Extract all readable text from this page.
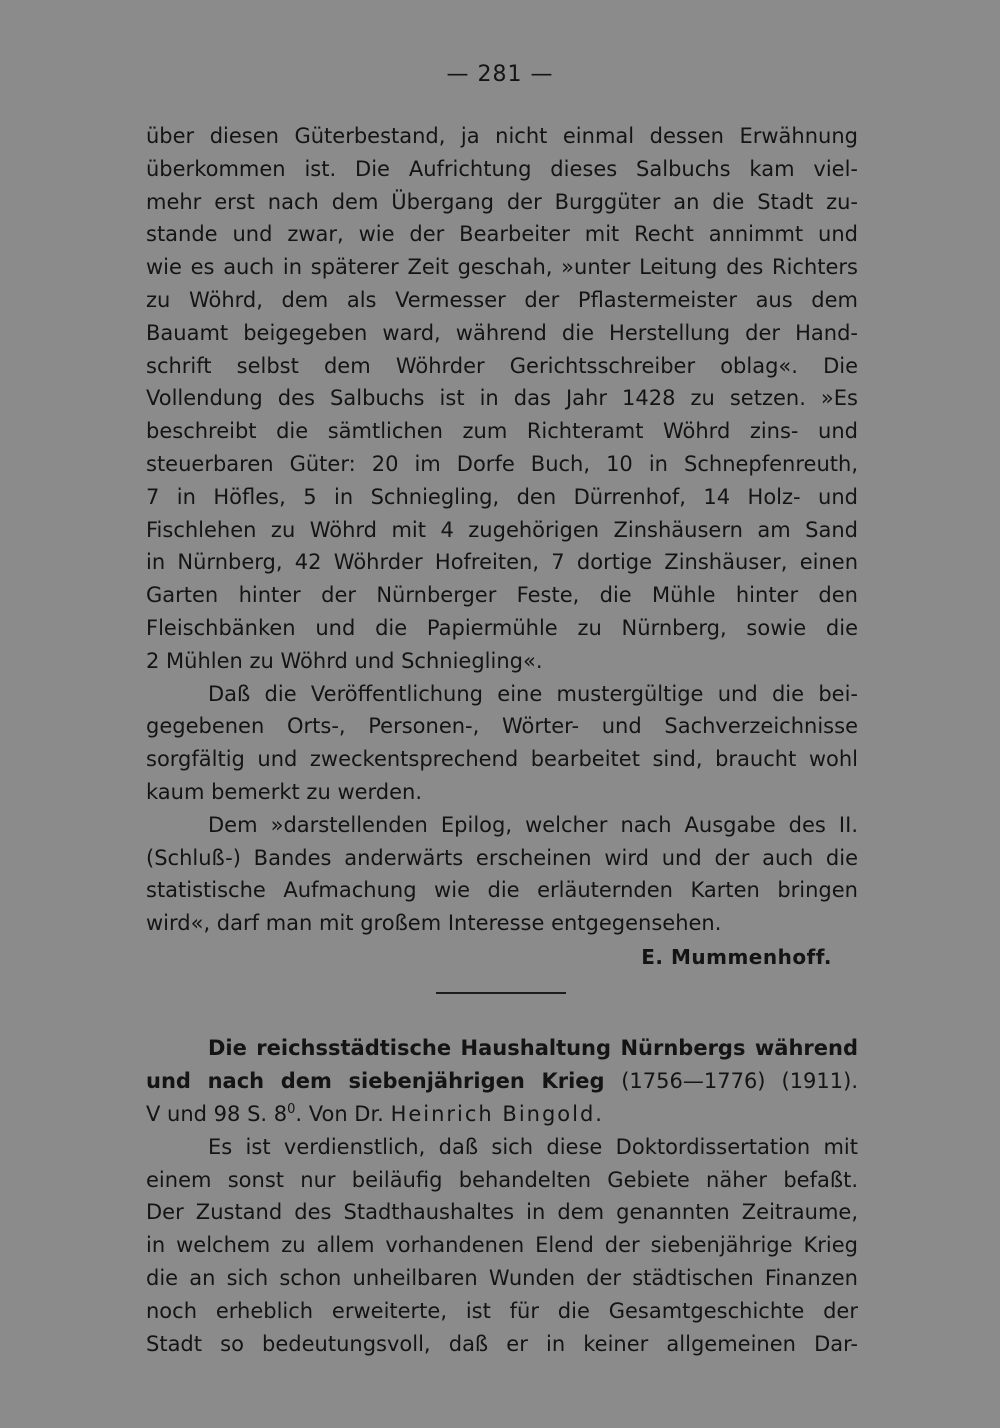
— 281 —
über diesen Güterbestand, ja nicht einmal dessen Erwähnung
überkommen ist. Die Aufrichtung dieses Salbuchs kam viel-
mehr erst nach dem Übergang der Burggüter an die Stadt zu-
stande und zwar, wie der Bearbeiter mit Recht annimmt und
wie es auch in späterer Zeit geschah, »unter Leitung des Richters
zu Wöhrd, dem als Vermesser der Pflastermeister aus dem
Bauamt beigegeben ward, während die Herstellung der Hand-
schrift selbst dem Wöhrder Gerichtsschreiber oblag«. Die
Vollendung des Salbuchs ist in das Jahr 1428 zu setzen. »Es
beschreibt die sämtlichen zum Richteramt Wöhrd zins- und
steuerbaren Güter: 20 im Dorfe Buch, 10 in Schnepfenreuth,
7 in Höfles, 5 in Schniegling, den Dürrenhof, 14 Holz- und
Fischlehen zu Wöhrd mit 4 zugehörigen Zinshäusern am Sand
in Nürnberg, 42 Wöhrder Hofreiten, 7 dortige Zinshäuser, einen
Garten hinter der Nürnberger Feste, die Mühle hinter den
Fleischbänken und die Papiermühle zu Nürnberg, sowie die
2 Mühlen zu Wöhrd und Schniegling«.
Daß die Veröffentlichung eine mustergültige und die bei-
gegebenen Orts-, Personen-, Wörter- und Sachverzeichnisse
sorgfältig und zweckentsprechend bearbeitet sind, braucht wohl
kaum bemerkt zu werden.
Dem »darstellenden Epilog, welcher nach Ausgabe des II.
(Schluß-) Bandes anderwärts erscheinen wird und der auch die
statistische Aufmachung wie die erläuternden Karten bringen
wird«, darf man mit großem Interesse entgegensehen.
E. Mummenhoff.
Die reichsstädtische Haushaltung Nürnbergs während
und nach dem siebenjährigen Krieg (1756—1776) (1911).
V und 98 S. $8^0$. Von Dr. Heinrich Bingold.
Es ist verdienstlich, daß sich diese Doktordissertation mit
einem sonst nur beiläufig behandelten Gebiete näher befaßt.
Der Zustand des Stadthaushaltes in dem genannten Zeitraume,
in welchem zu allem vorhandenen Elend der siebenjährige Krieg
die an sich schon unheilbaren Wunden der städtischen Finanzen
noch erheblich erweiterte, ist für die Gesamtgeschichte der
Stadt so bedeutungsvoll, daß er in keiner allgemeinen Dar-
